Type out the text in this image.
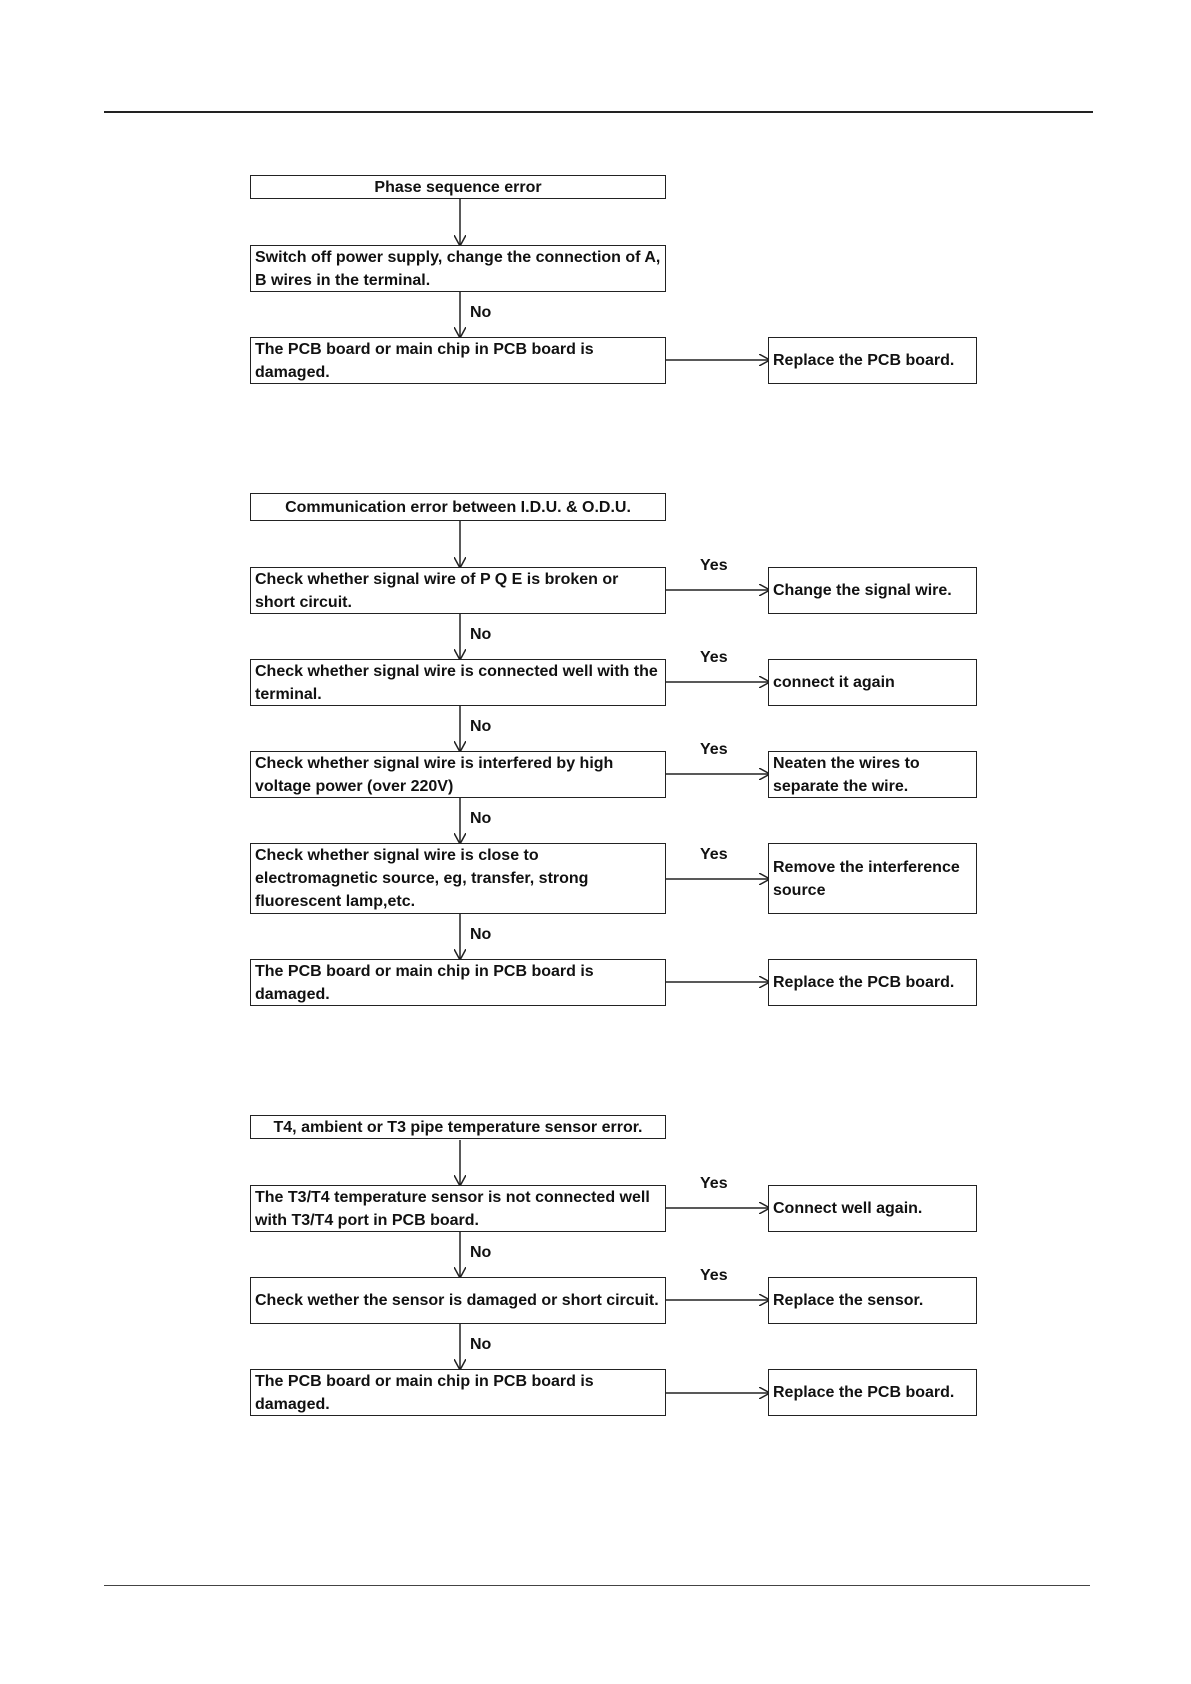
Phase sequence error
Switch off power supply, change the connection of A, B wires in the terminal.
No
The PCB board or main chip in PCB board is damaged.
Replace the PCB board.
Communication error between I.D.U. & O.D.U.
Check whether signal wire of P Q E is broken or short circuit.
Yes
Change the signal wire.
No
Check whether signal wire is connected well with the terminal.
Yes
connect it again
No
Check whether signal wire is interfered by high voltage power (over 220V)
Yes
Neaten the wires to separate the wire.
No
Check whether signal wire is close to electromagnetic source, eg, transfer, strong fluorescent lamp,etc.
Yes
Remove the interference source
No
The PCB board or main chip in PCB board is damaged.
Replace the PCB board.
T4, ambient or T3 pipe temperature sensor error.
The T3/T4 temperature sensor is not connected well with T3/T4 port in PCB board.
Yes
Connect well again.
No
Check wether the sensor is damaged or short circuit.
Yes
Replace the sensor.
No
The PCB board or main chip in PCB board is damaged.
Replace the PCB board.
